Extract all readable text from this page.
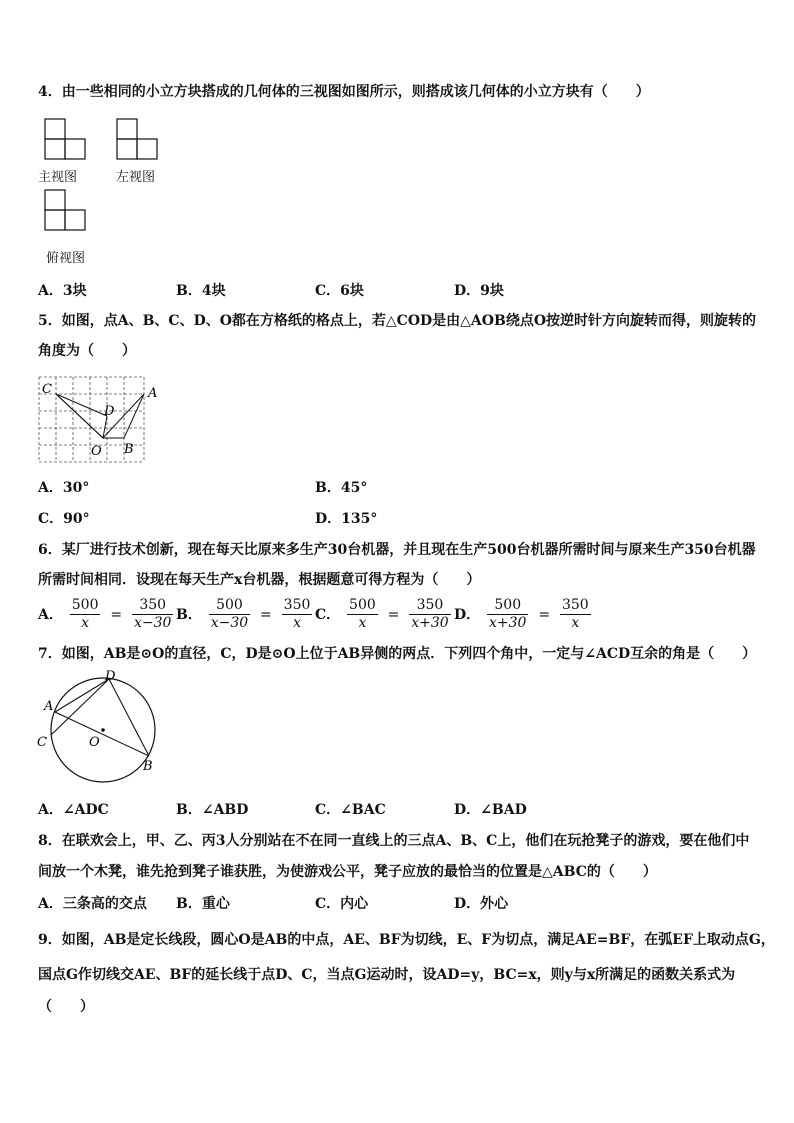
4．由一些相同的小立方块搭成的几何体的三视图如图所示，则搭成该几何体的小立方块有（　　）
主视图	左视图
俯视图
A．3块	B．4块	C．6块	D．9块
5．如图，点A、B、C、D、O都在方格纸的格点上，若△COD是由△AOB绕点O按逆时针方向旋转而得，则旋转的
角度为（　　）
C	A
D
O B
A．30°	B．45°
C．90°	D．135°
6．某厂进行技术创新，现在每天比原来多生产30台机器，并且现在生产500台机器所需时间与原来生产350台机器
所需时间相同．设现在每天生产x台机器，根据题意可得方程为（　　）
A． $\frac{500}{x} = \frac{350}{x-30}$ B． $\frac{500}{x-30} = \frac{350}{x}$ C． $\frac{500}{x} = \frac{350}{x+30}$ D． $\frac{500}{x+30} = \frac{350}{x}$
7．如图，AB是⊙O的直径，C，D是⊙O上位于AB异侧的两点．下列四个角中，一定与∠ACD互余的角是（　　）
D
A
C	O
B
A．∠ADC	B．∠ABD	C．∠BAC	D．∠BAD
8．在联欢会上，甲、乙、丙3人分别站在不在同一直线上的三点A、B、C上，他们在玩抢凳子的游戏，要在他们中
间放一个木凳，谁先抢到凳子谁获胜，为使游戏公平，凳子应放的最恰当的位置是△ABC的（　　）
A．三条高的交点 B．重心	C．内心	D．外心
9．如图，AB是定长线段，圆心O是AB的中点，AE、BF为切线，E、F为切点，满足AE=BF，在弧EF上取动点G，
国点G作切线交AE、BF的延长线于点D、C，当点G运动时，设AD=y，BC=x，则y与x所满足的函数关系式为
（　　）
